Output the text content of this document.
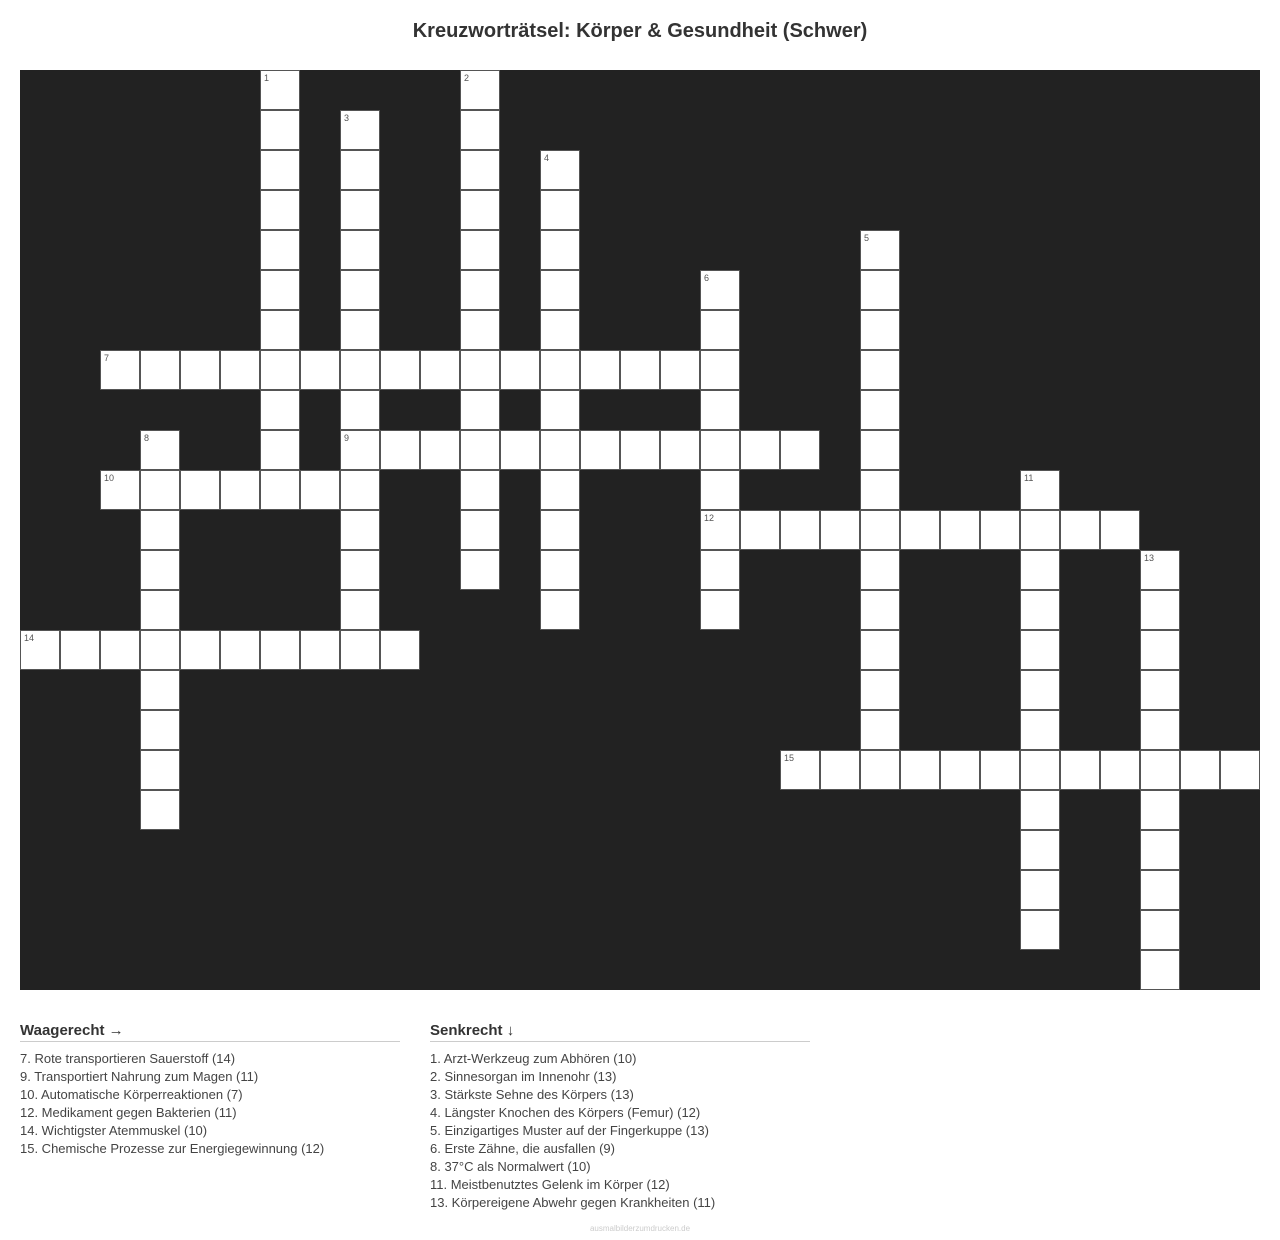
Kreuzworträtsel: Körper & Gesundheit (Schwer)
1	2
3
9
4
5
6
12
7
8
10	11
13
14
15
Waagerecht →
7. Rote transportieren Sauerstoff (14)
9. Transportiert Nahrung zum Magen (11)
10. Automatische Körperreaktionen (7)
12. Medikament gegen Bakterien (11)
14. Wichtigster Atemmuskel (10)
15. Chemische Prozesse zur Energiegewinnung (12)
Senkrecht ↓
1. Arzt-Werkzeug zum Abhören (10)
2. Sinnesorgan im Innenohr (13)
3. Stärkste Sehne des Körpers (13)
4. Längster Knochen des Körpers (Femur) (12)
5. Einzigartiges Muster auf der Fingerkuppe (13)
6. Erste Zähne, die ausfallen (9)
8. 37°C als Normalwert (10)
11. Meistbenutztes Gelenk im Körper (12)
13. Körpereigene Abwehr gegen Krankheiten (11)
ausmalbilderzumdrucken.de
